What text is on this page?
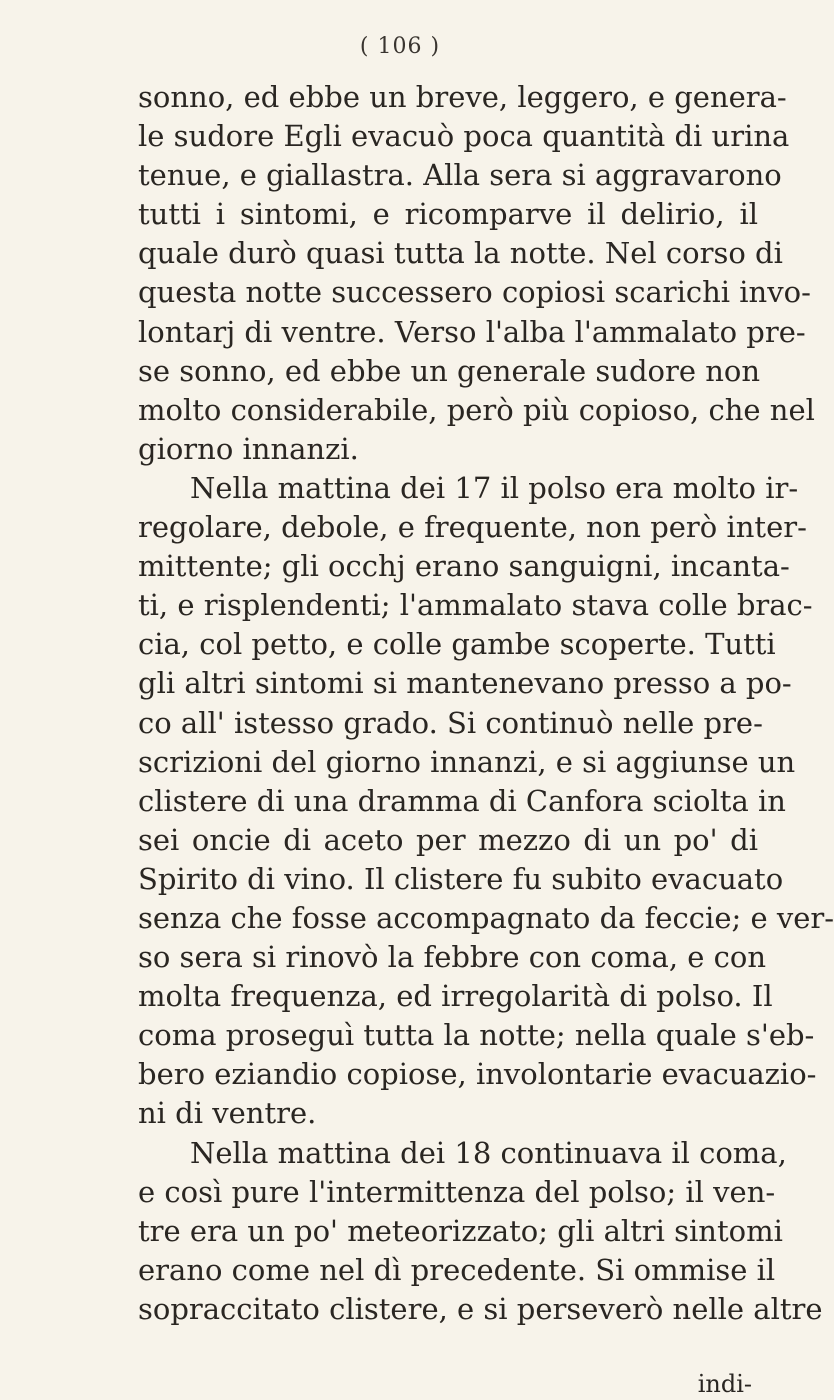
( 106 )
sonno, ed ebbe un breve, leggero, e genera-
le sudore Egli evacuò poca quantità di urina
tenue, e giallastra. Alla sera si aggravarono
tutti i sintomi, e ricomparve il delirio, il
quale durò quasi tutta la notte. Nel corso di
questa notte successero copiosi scarichi invo-
lontarj di ventre. Verso l'alba l'ammalato pre-
se sonno, ed ebbe un generale sudore non
molto considerabile, però più copioso, che nel
giorno innanzi.
Nella mattina dei 17 il polso era molto ir-
regolare, debole, e frequente, non però inter-
mittente; gli occhj erano sanguigni, incanta-
ti, e risplendenti; l'ammalato stava colle brac-
cia, col petto, e colle gambe scoperte. Tutti
gli altri sintomi si mantenevano presso a po-
co all' istesso grado. Si continuò nelle pre-
scrizioni del giorno innanzi, e si aggiunse un
clistere di una dramma di Canfora sciolta in
sei oncie di aceto per mezzo di un po' di
Spirito di vino. Il clistere fu subito evacuato
senza che fosse accompagnato da feccie; e ver-
so sera si rinovò la febbre con coma, e con
molta frequenza, ed irregolarità di polso. Il
coma proseguì tutta la notte; nella quale s'eb-
bero eziandio copiose, involontarie evacuazio-
ni di ventre.
Nella mattina dei 18 continuava il coma,
e così pure l'intermittenza del polso; il ven-
tre era un po' meteorizzato; gli altri sintomi
erano come nel dì precedente. Si ommise il
sopraccitato clistere, e si perseverò nelle altre
indi-
